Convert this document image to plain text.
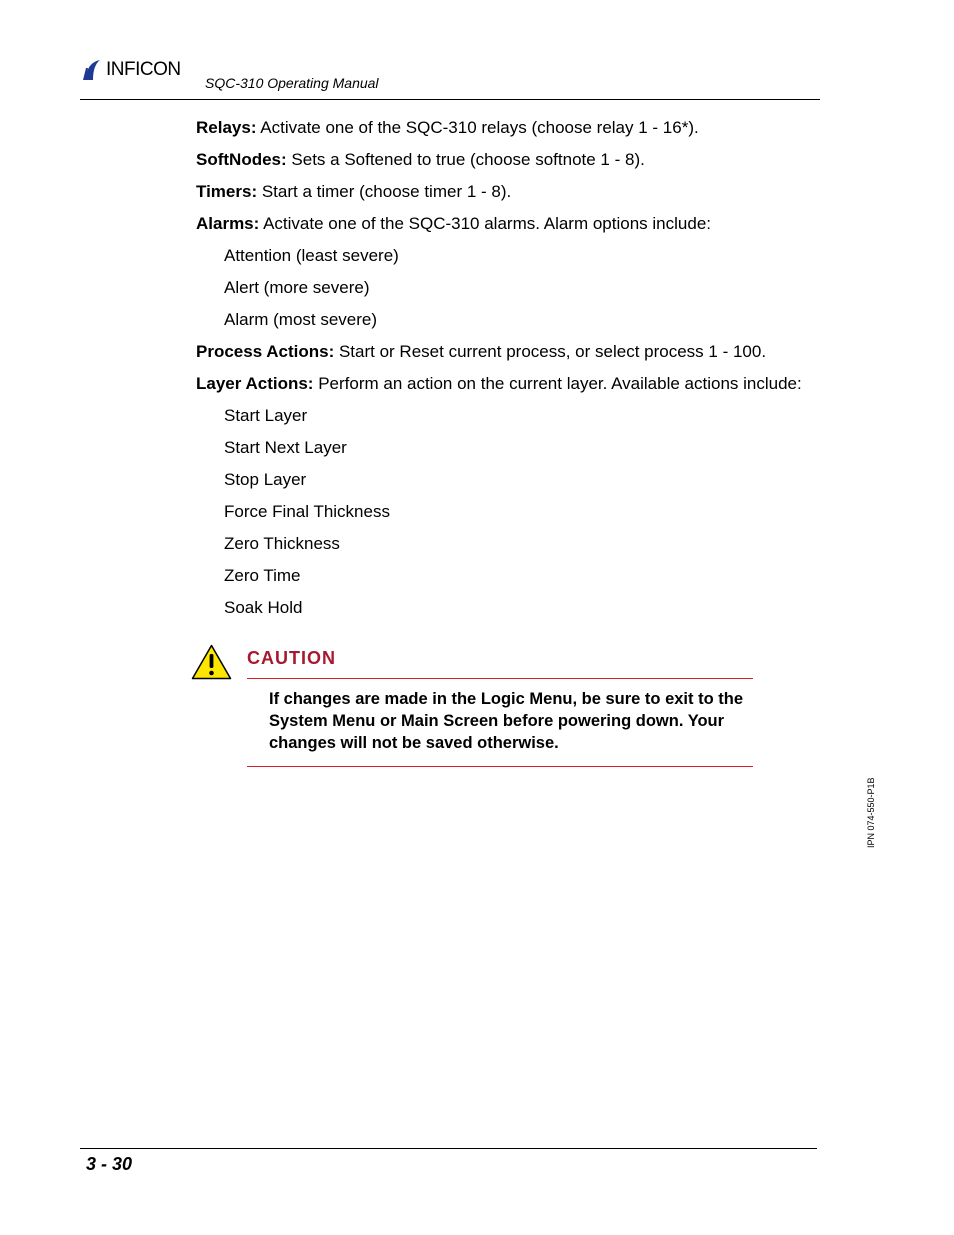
INFICON
SQC-310 Operating Manual
Relays: Activate one of the SQC-310 relays (choose relay 1 - 16*).
SoftNodes: Sets a Softened to true (choose softnote 1 - 8).
Timers: Start a timer (choose timer 1 - 8).
Alarms: Activate one of the SQC-310 alarms. Alarm options include:
Attention (least severe)
Alert (more severe)
Alarm (most severe)
Process Actions: Start or Reset current process, or select process 1 - 100.
Layer Actions: Perform an action on the current layer. Available actions include:
Start Layer
Start Next Layer
Stop Layer
Force Final Thickness
Zero Thickness
Zero Time
Soak Hold
CAUTION
If changes are made in the Logic Menu, be sure to exit to the System Menu or Main Screen before powering down. Your changes will not be saved otherwise.
IPN 074-550-P1B
3 - 30
